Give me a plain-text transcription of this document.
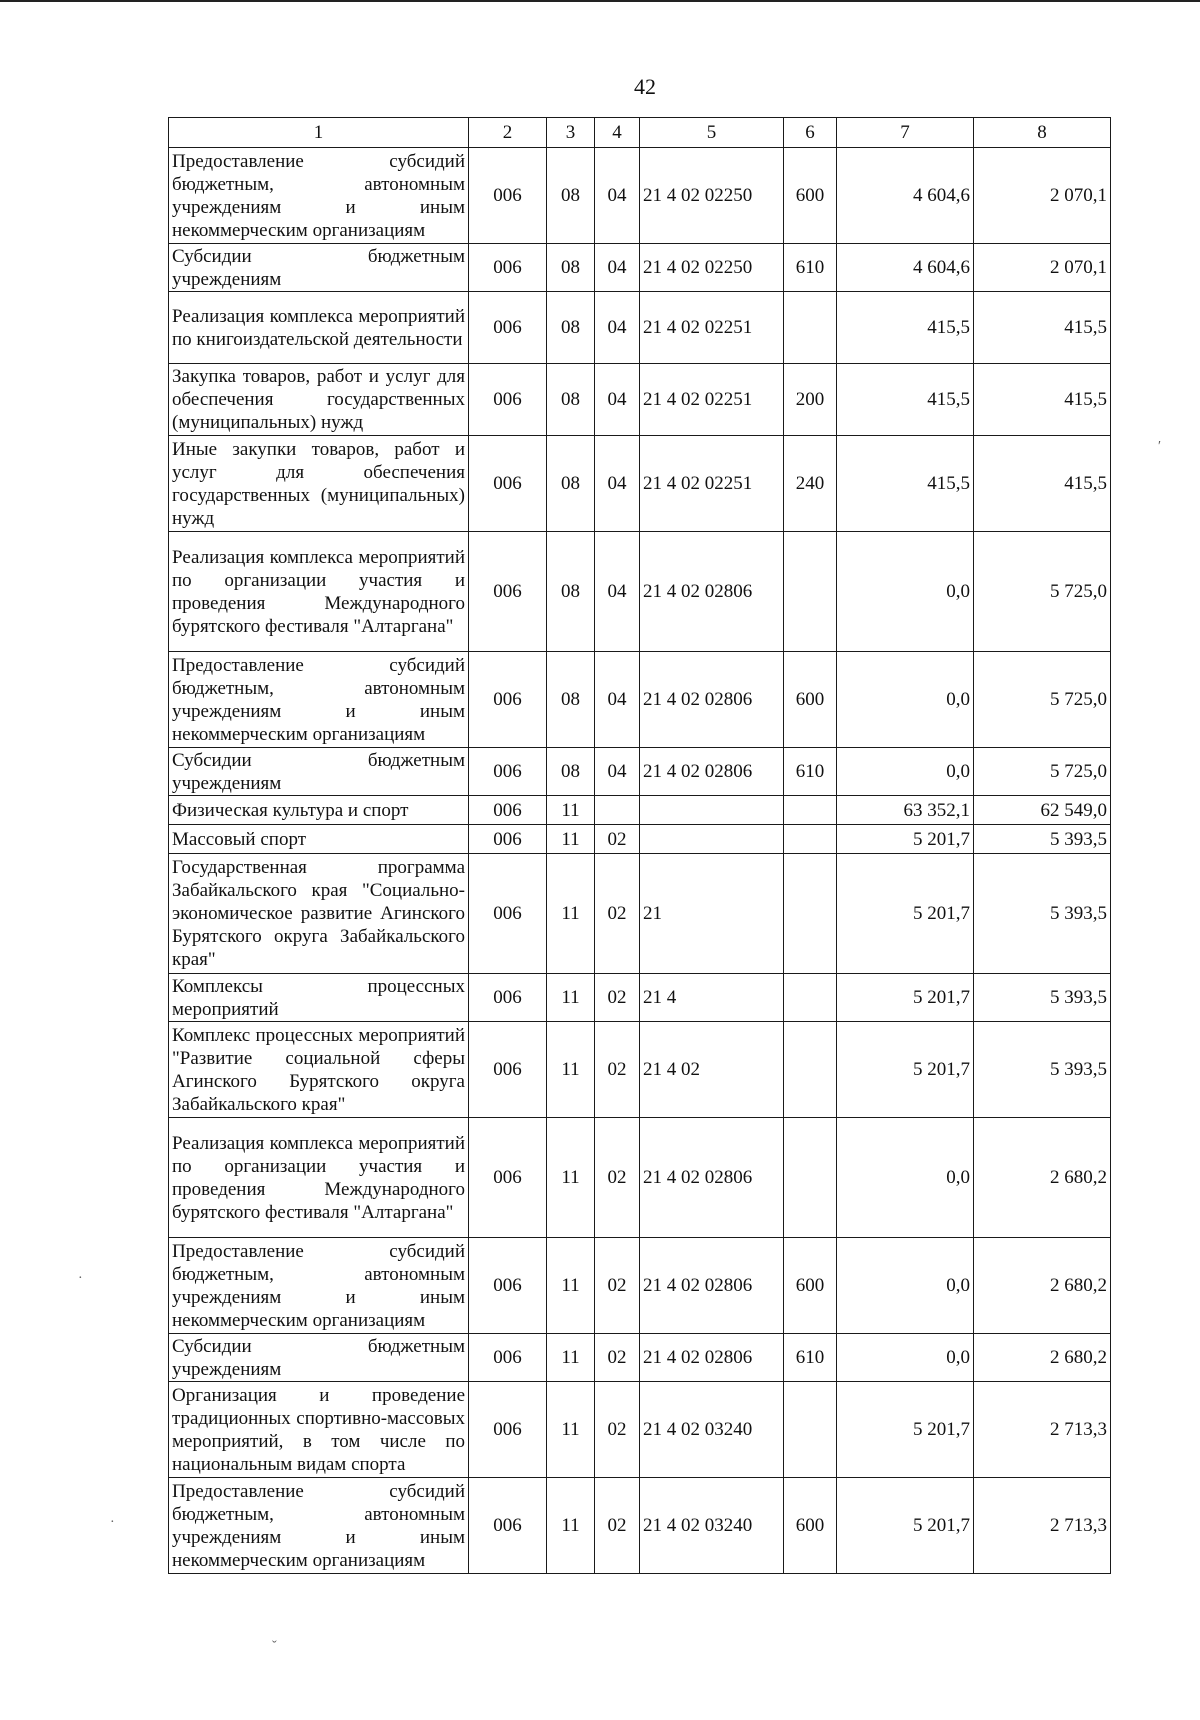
42
1	2	3	4	5	6	7	8
Предоставление субсидий бюджетным, автономным учреждениям и иным некоммерческим организациям	006	08	04	21 4 02 02250	600	4 604,6	2 070,1
Субсидии бюджетным учреждениям	006	08	04	21 4 02 02250	610	4 604,6	2 070,1
Реализация комплекса мероприятий по книгоиздательской деятельности	006	08	04	21 4 02 02251		415,5	415,5
Закупка товаров, работ и услуг для обеспечения государственных (муниципальных) нужд	006	08	04	21 4 02 02251	200	415,5	415,5
Иные закупки товаров, работ и услуг для обеспечения государственных (муниципальных) нужд	006	08	04	21 4 02 02251	240	415,5	415,5
Реализация комплекса мероприятий по организации участия и проведения Международного бурятского фестиваля "Алтаргана"	006	08	04	21 4 02 02806		0,0	5 725,0
Предоставление субсидий бюджетным, автономным учреждениям и иным некоммерческим организациям	006	08	04	21 4 02 02806	600	0,0	5 725,0
Субсидии бюджетным учреждениям	006	08	04	21 4 02 02806	610	0,0	5 725,0
Физическая культура и спорт	006	11				63 352,1	62 549,0
Массовый спорт	006	11	02			5 201,7	5 393,5
Государственная программа Забайкальского края "Социально-экономическое развитие Агинского Бурятского округа Забайкальского края"	006	11	02	21		5 201,7	5 393,5
Комплексы процессных мероприятий	006	11	02	21 4		5 201,7	5 393,5
Комплекс процессных мероприятий "Развитие социальной сферы Агинского Бурятского округа Забайкальского края"	006	11	02	21 4 02		5 201,7	5 393,5
Реализация комплекса мероприятий по организации участия и проведения Международного бурятского фестиваля "Алтаргана"	006	11	02	21 4 02 02806		0,0	2 680,2
Предоставление субсидий бюджетным, автономным учреждениям и иным некоммерческим организациям	006	11	02	21 4 02 02806	600	0,0	2 680,2
Субсидии бюджетным учреждениям	006	11	02	21 4 02 02806	610	0,0	2 680,2
Организация и проведение традиционных спортивно-массовых мероприятий, в том числе по национальным видам спорта	006	11	02	21 4 02 03240		5 201,7	2 713,3
Предоставление субсидий бюджетным, автономным учреждениям и иным некоммерческим организациям	006	11	02	21 4 02 03240	600	5 201,7	2 713,3
′
·
·
ˇ
